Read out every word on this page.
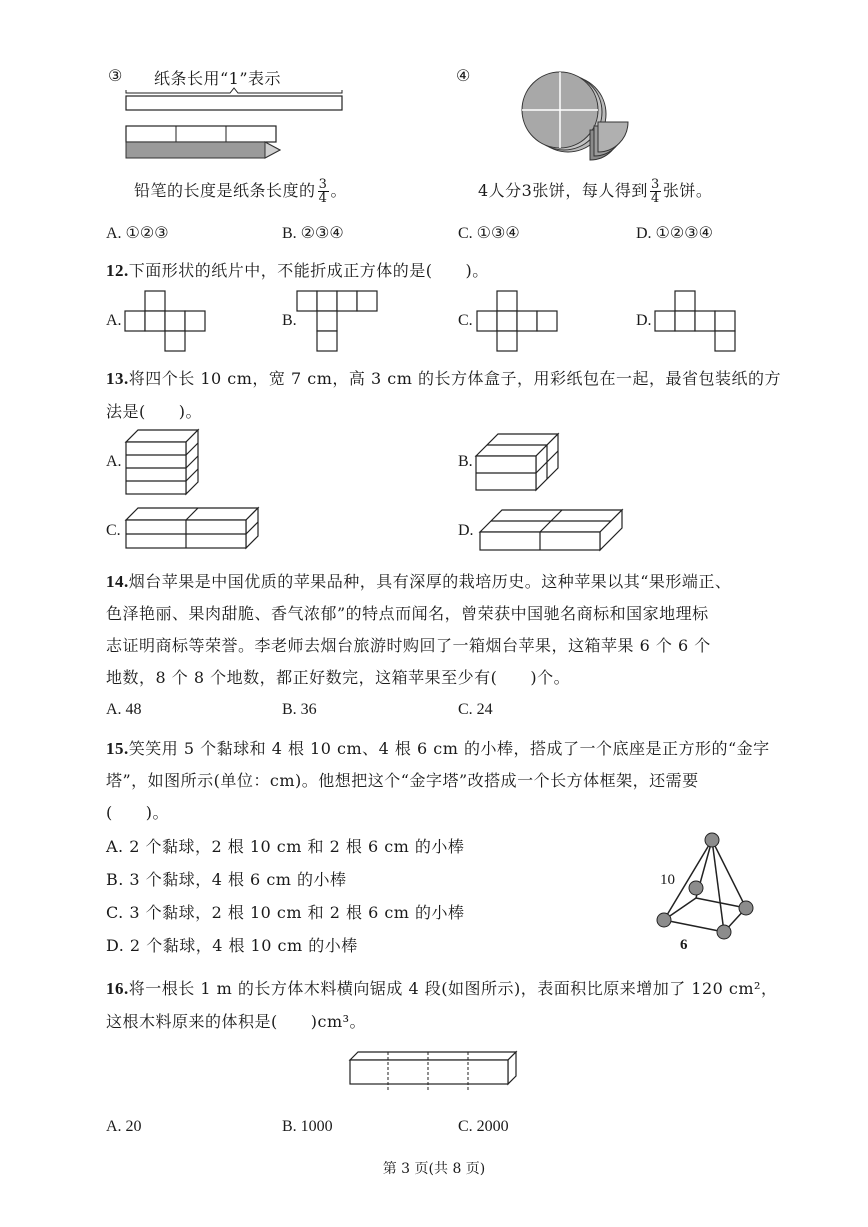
③ 纸条长用“1”表示
铅笔的长度是纸条长度的 $\frac{3}{4}$ 。
④
4人分3张饼，每人得到 $\frac{3}{4}$ 张饼。
A. ①②③	B. ②③④	C. ①③④	D. ①②③④
12.下面形状的纸片中，不能折成正方体的是(　　)。
A.	B.	C.	D.
13.将四个长 10 cm，宽 7 cm，高 3 cm 的长方体盒子，用彩纸包在一起，最省包装纸的方
法是(　　)。
A.	B.
C.	D.
14.烟台苹果是中国优质的苹果品种，具有深厚的栽培历史。这种苹果以其“果形端正、
色泽艳丽、果肉甜脆、香气浓郁”的特点而闻名，曾荣获中国驰名商标和国家地理标
志证明商标等荣誉。李老师去烟台旅游时购回了一箱烟台苹果，这箱苹果 6 个 6 个
地数，8 个 8 个地数，都正好数完，这箱苹果至少有(　　)个。
A. 48	B. 36	C. 24
15.笑笑用 5 个黏球和 4 根 10 cm、4 根 6 cm 的小棒，搭成了一个底座是正方形的“金字
塔”，如图所示(单位：cm)。他想把这个“金字塔”改搭成一个长方体框架，还需要
(　　)。
A. 2 个黏球，2 根 10 cm 和 2 根 6 cm 的小棒
B. 3 个黏球，4 根 6 cm 的小棒
C. 3 个黏球，2 根 10 cm 和 2 根 6 cm 的小棒
D. 2 个黏球，4 根 10 cm 的小棒
10
6
16.将一根长 1 m 的长方体木料横向锯成 4 段(如图所示)，表面积比原来增加了 120 cm²，
这根木料原来的体积是(　　)cm³。
A. 20	B. 1000	C. 2000
第 3 页(共 8 页)
